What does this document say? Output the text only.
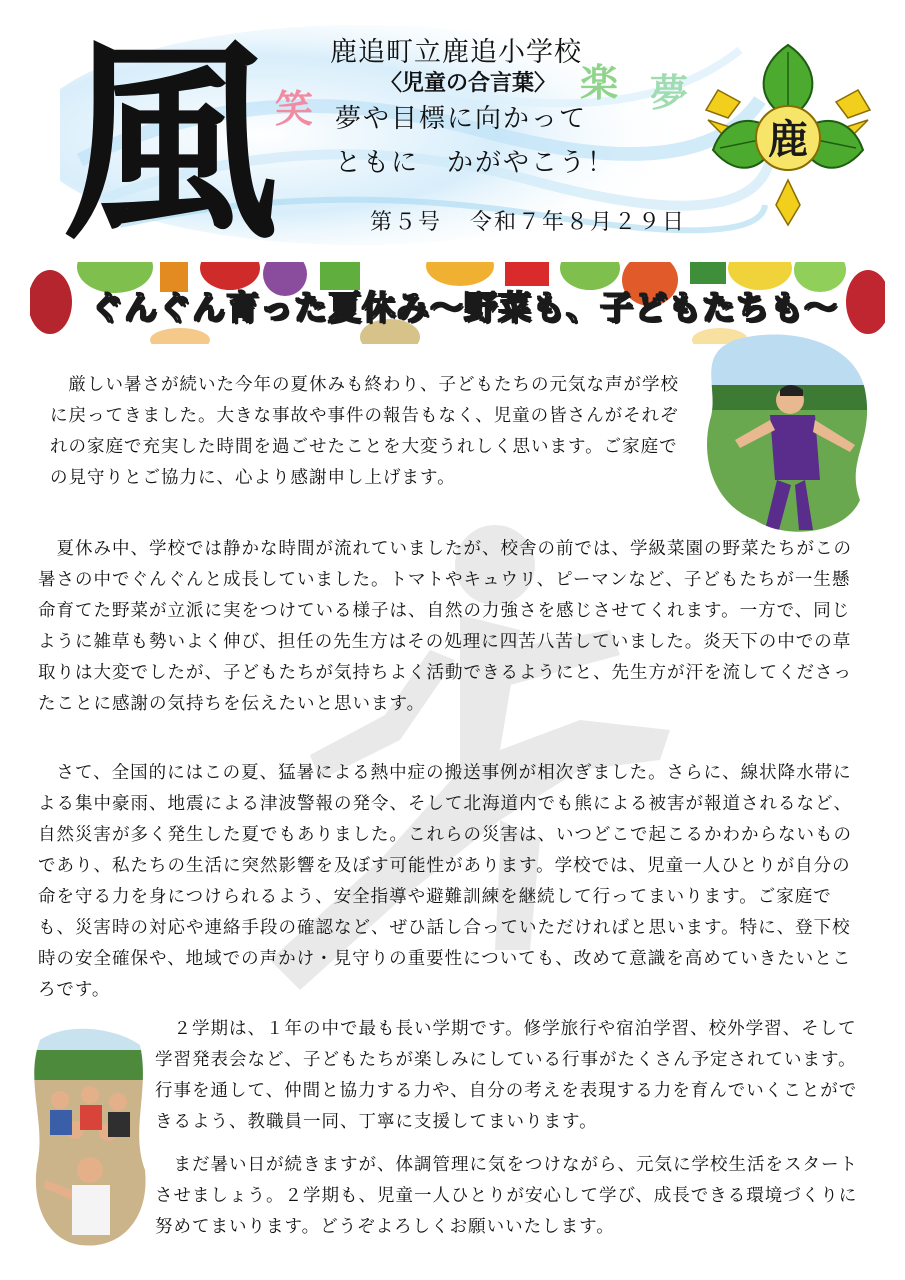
風
笑
楽 夢
鹿追町立鹿追小学校
〈児童の合言葉〉
夢や目標に向かって
ともに　かがやこう！
第５号 令和７年８月２９日
鹿
ぐんぐん育った夏休み～野菜も、子どもたちも～

　厳しい暑さが続いた今年の夏休みも終わり、子どもたちの元気な声が学校に戻ってきました。大きな事故や事件の報告もなく、児童の皆さんがそれぞれの家庭で充実した時間を過ごせたことを大変うれしく思います。ご家庭での見守りとご協力に、心より感謝申し上げます。

　夏休み中、学校では静かな時間が流れていましたが、校舎の前では、学級菜園の野菜たちがこの暑さの中でぐんぐんと成長していました。トマトやキュウリ、ピーマンなど、子どもたちが一生懸命育てた野菜が立派に実をつけている様子は、自然の力強さを感じさせてくれます。一方で、同じように雑草も勢いよく伸び、担任の先生方はその処理に四苦八苦していました。炎天下の中での草取りは大変でしたが、子どもたちが気持ちよく活動できるようにと、先生方が汗を流してくださったことに感謝の気持ちを伝えたいと思います。

　さて、全国的にはこの夏、猛暑による熱中症の搬送事例が相次ぎました。さらに、線状降水帯による集中豪雨、地震による津波警報の発令、そして北海道内でも熊による被害が報道されるなど、自然災害が多く発生した夏でもありました。これらの災害は、いつどこで起こるかわからないものであり、私たちの生活に突然影響を及ぼす可能性があります。学校では、児童一人ひとりが自分の命を守る力を身につけられるよう、安全指導や避難訓練を継続して行ってまいります。ご家庭でも、災害時の対応や連絡手段の確認など、ぜひ話し合っていただければと思います。特に、登下校時の安全確保や、地域での声かけ・見守りの重要性についても、改めて意識を高めていきたいところです。

　２学期は、１年の中で最も長い学期です。修学旅行や宿泊学習、校外学習、そして学習発表会など、子どもたちが楽しみにしている行事がたくさん予定されています。行事を通して、仲間と協力する力や、自分の考えを表現する力を育んでいくことができるよう、教職員一同、丁寧に支援してまいります。

　まだ暑い日が続きますが、体調管理に気をつけながら、元気に学校生活をスタートさせましょう。２学期も、児童一人ひとりが安心して学び、成長できる環境づくりに努めてまいります。どうぞよろしくお願いいたします。
